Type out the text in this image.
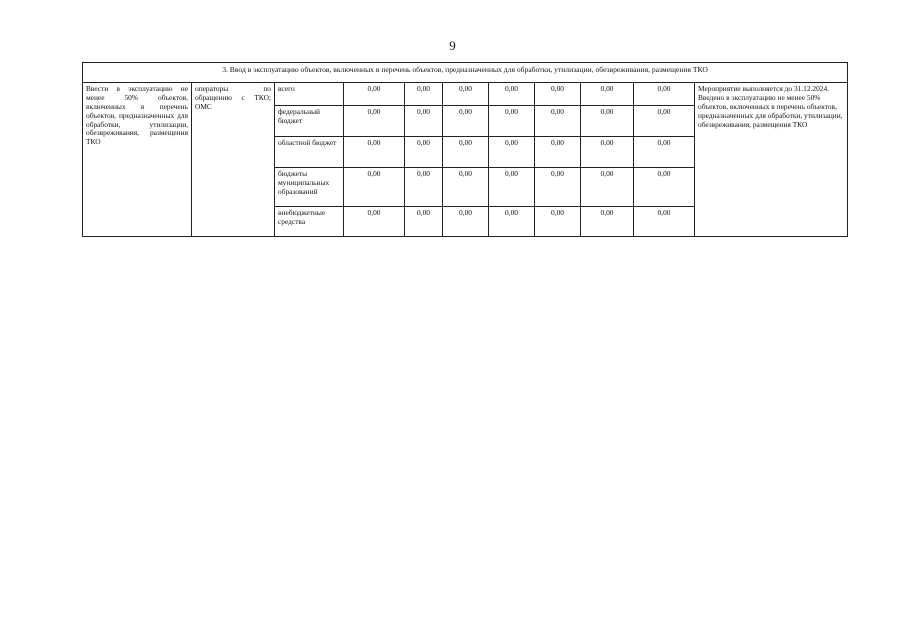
9
3. Ввод в эксплуатацию объектов, включенных в перечень объектов, предназначенных для обработки, утилизации, обезвреживания, размещения ТКО										
Ввести в эксплуатацию не менее 50% объектов, включенных в перечень объектов, предназначенных для обработки, утилизации, обезвреживания, размещения ТКО	операторы по обращению с ТКО; ОМС	всего	0,00	0,00	0,00	0,00	0,00	0,00	0,00	Мероприятие выполняется до 31.12.2024.
Введено в эксплуатацию не менее 50% объектов, включенных в перечень объектов, предназначенных для обработки, утилизации, обезвреживания, размещения ТКО

		федеральный бюджет	0,00	0,00	0,00	0,00	0,00	0,00	0,00	
		областной бюджет	0,00	0,00	0,00	0,00	0,00	0,00	0,00	
		бюджеты муниципальных образований	0,00	0,00	0,00	0,00	0,00	0,00	0,00	
		внебюджетные средства	0,00	0,00	0,00	0,00	0,00	0,00	0,00	
